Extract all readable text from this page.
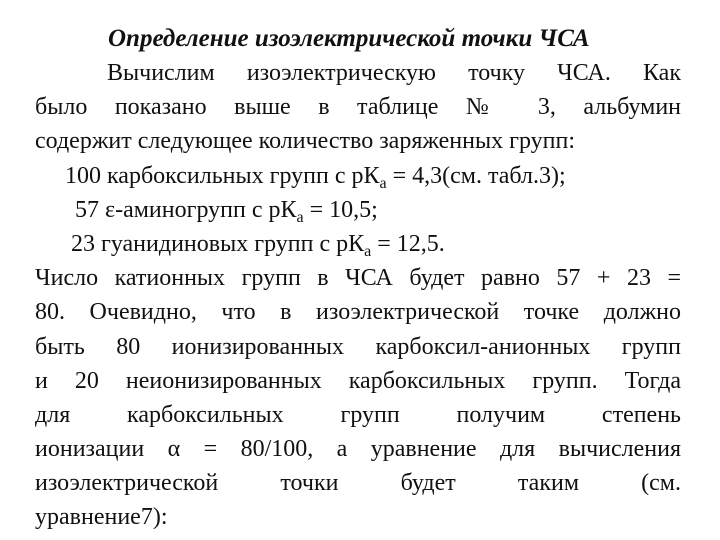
Определение изоэлектрической точки ЧСА
Вычислим изоэлектрическую точку ЧСА. Как
было показано выше в таблице № 3, альбумин
содержит следующее количество заряженных групп:
100 карбоксильных групп с $рК_а = 4,3(см$. табл.3);
57 ε-аминогрупп с $рК_а = 10,5$;
23 гуанидиновых групп с $рК_а = 12,5$.
Число катионных групп в ЧСА будет равно 57 + 23 =
80. Очевидно, что в изоэлектрической точке должно
быть 80 ионизированных карбоксил-анионных групп
и 20 неионизированных карбоксильных групп. Тогда
для карбоксильных групп получим степень
ионизации α = 80/100, а уравнение для вычисления
изоэлектрической точки будет таким (см.
уравнение7):
